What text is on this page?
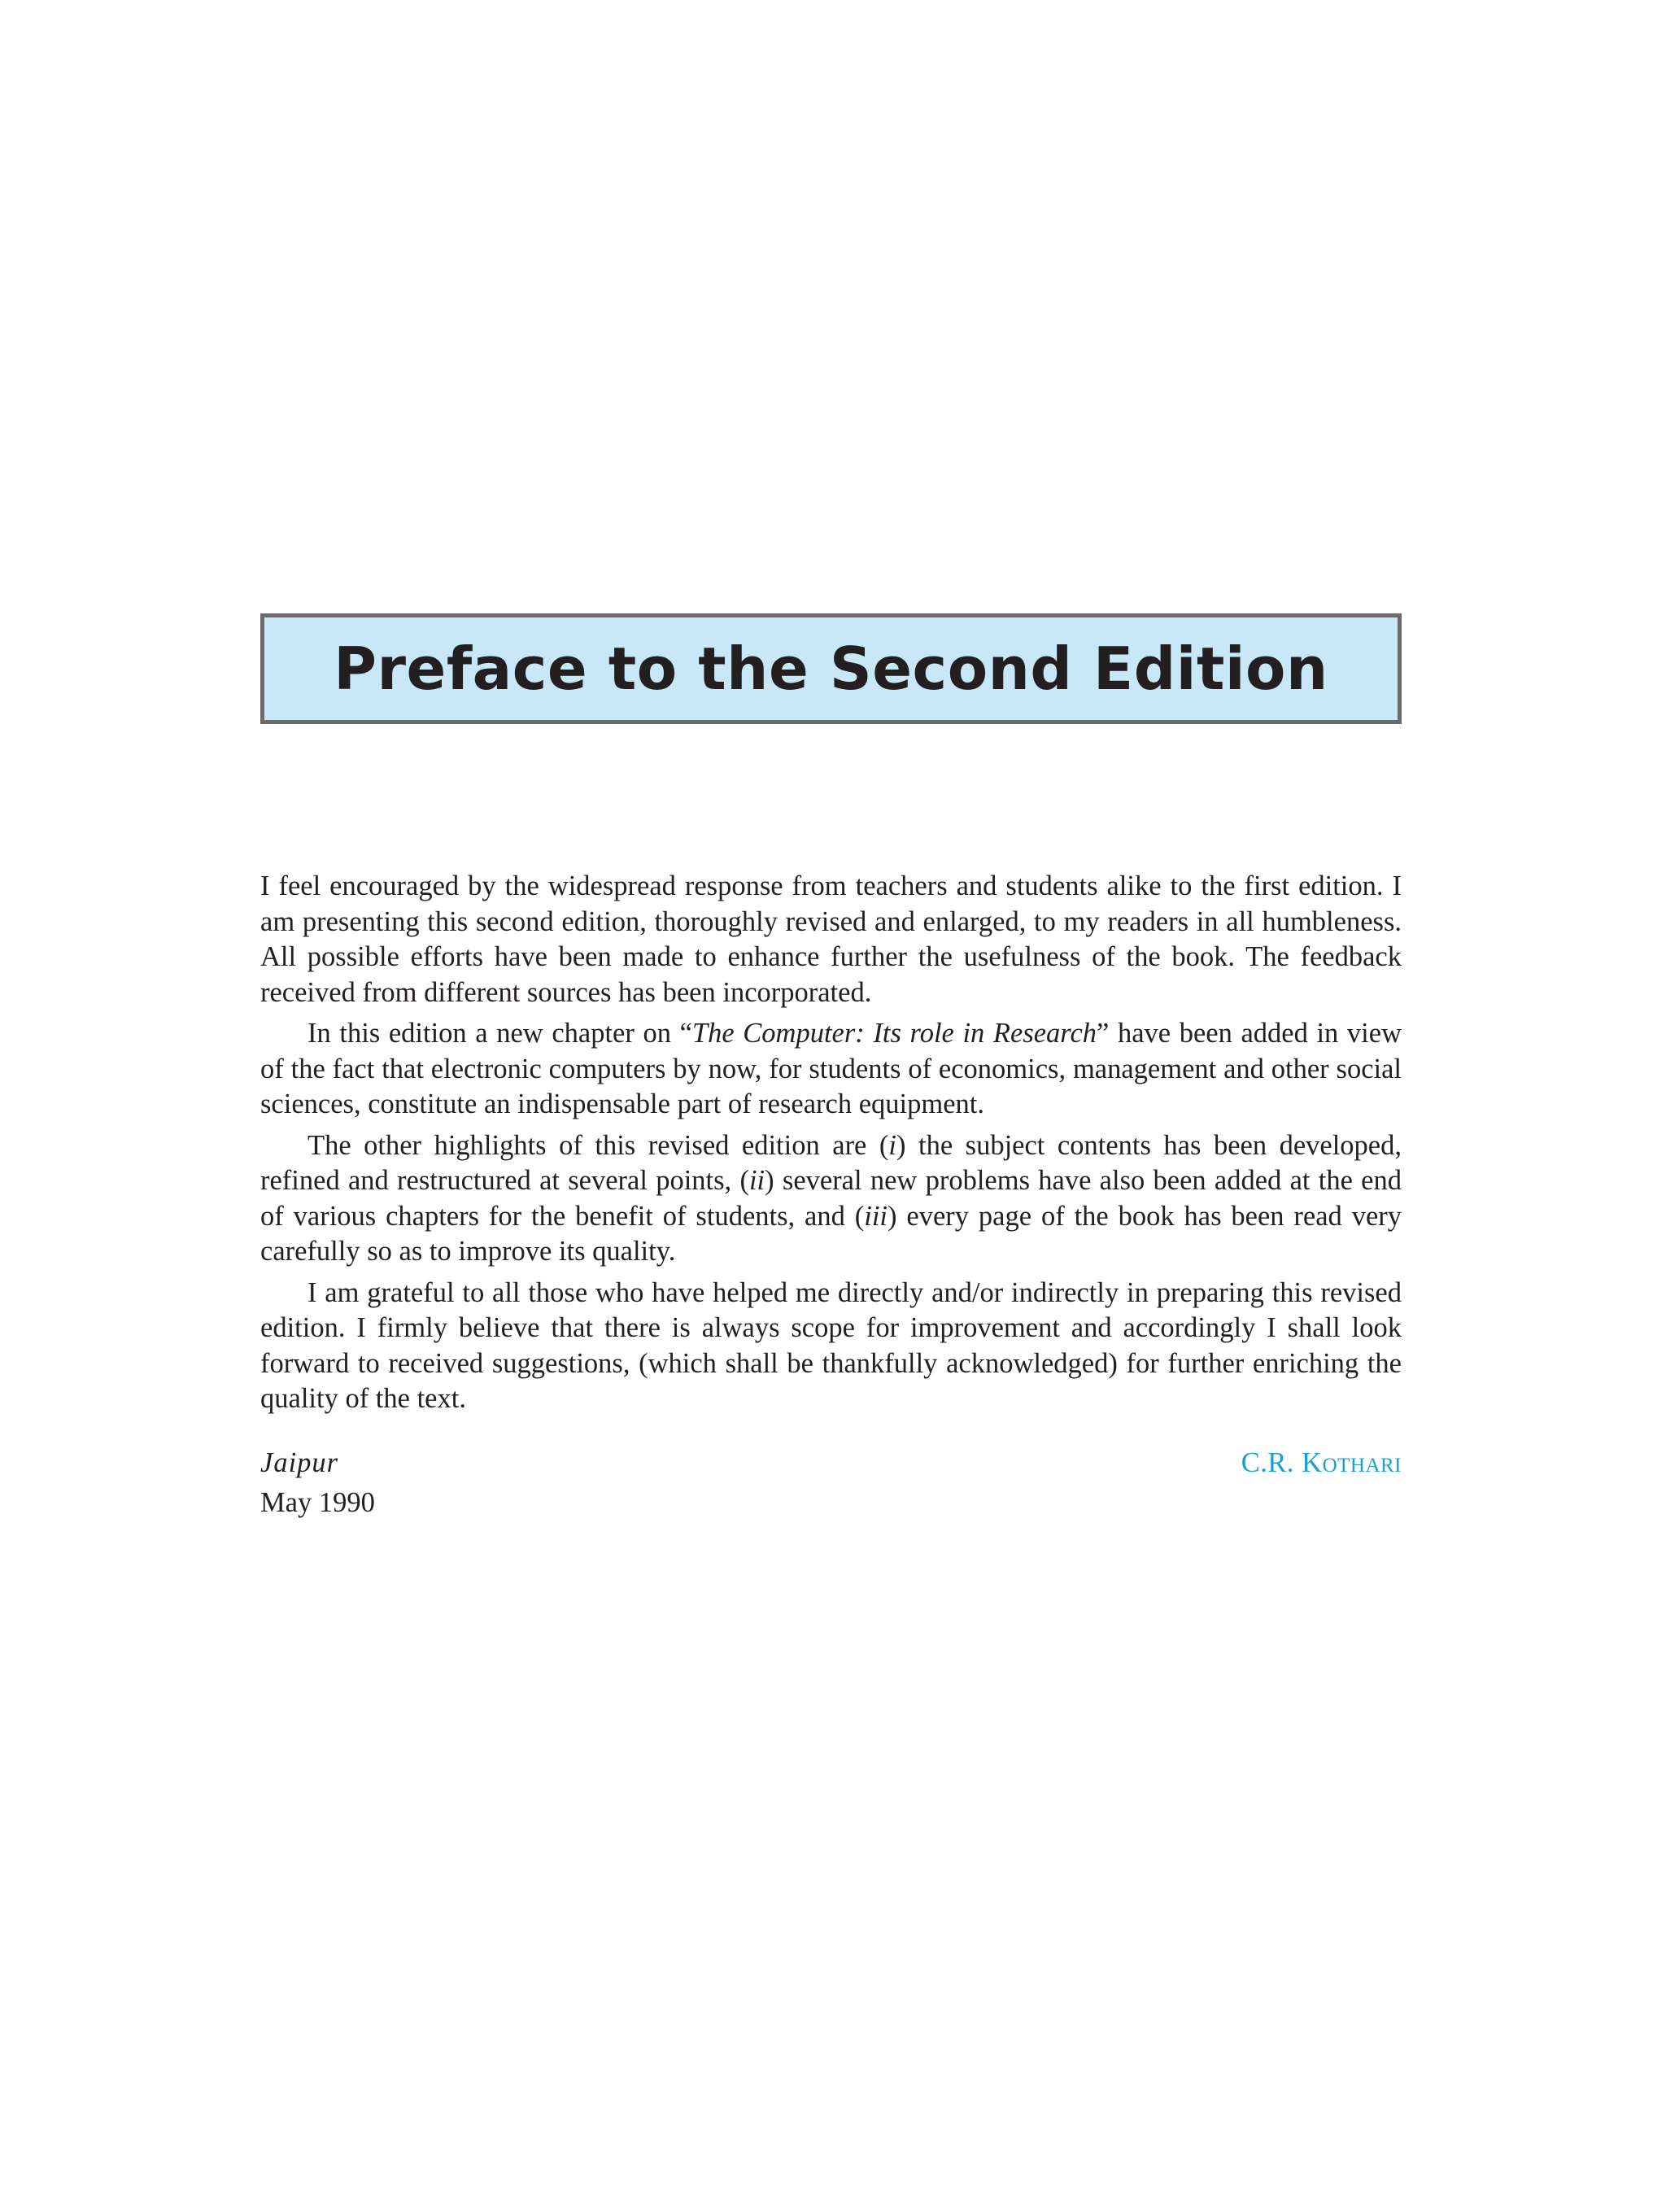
Preface to the Second Edition

I feel encouraged by the widespread response from teachers and students alike to the first edition. I am presenting this second edition, thoroughly revised and enlarged, to my readers in all humbleness. All possible efforts have been made to enhance further the usefulness of the book. The feedback received from different sources has been incorporated.

In this edition a new chapter on “The Computer: Its role in Research” have been added in view of the fact that electronic computers by now, for students of economics, management and other social sciences, constitute an indispensable part of research equipment.

The other highlights of this revised edition are (i) the subject contents has been developed, refined and restructured at several points, (ii) several new problems have also been added at the end of various chapters for the benefit of students, and (iii) every page of the book has been read very carefully so as to improve its quality.

I am grateful to all those who have helped me directly and/or indirectly in preparing this revised edition. I firmly believe that there is always scope for improvement and accordingly I shall look forward to received suggestions, (which shall be thankfully acknowledged) for further enriching the quality of the text.

Jaipur	C.R. KOTHARI
May 1990
